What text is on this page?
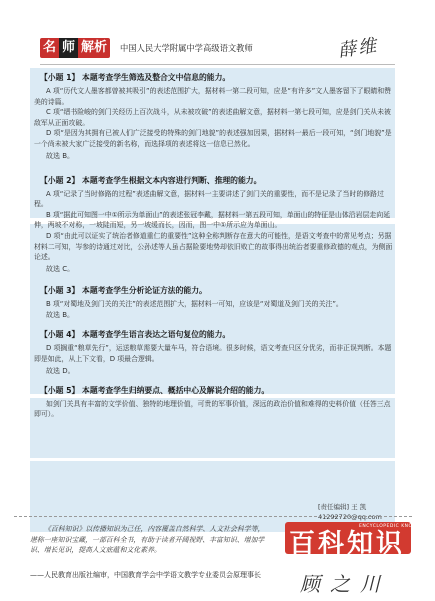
名 师 解析	中国人民大学附属中学高级语文教师	薛维
【小题 1】 本题考查学生筛选及整合文中信息的能力。

A 项“历代文人墨客都曾被其吸引”的表述范围扩大，据材料一第二段可知，应是“有许多”文人墨客留下了眼睛和赞美的诗篇。

C 项“缙书险峻的剑门关经历上百次战斗，从未被攻破”的表述曲解文意，据材料一第七段可知，应是剑门关从未被敌军从正面攻破。

D 项“是因为其拥有已被人们广泛接受的特殊的剑门地貌”的表述强加因果，据材料一最后一段可知，“剑门地貌”是一个尚未被大家广泛接受的新名称，而选择项的表述将这一信息已然化。

故选 B。

【小题 2】 本题考查学生根据文本内容进行判断、推理的能力。

A 项“记录了当时修路的过程”表述曲解文意，据材料一主要讲述了剑门关的重要性，而不是记录了当时的修路过程。

B 项“据此可知图一中①所示为单面山”的表述张冠李戴，据材料一第五段可知，单面山的特征是山体沿岩层走向延伸，两坡不对称，一坡陡而短，另一坡缓而长，因而，图一中①所示应为单面山。

D 项“由此可以证实了统治者修道重仁的重要性”这种全称判断存在意大的可能性，是语文考查中的常见考点；另据材料二可知，岑参的诗通过对比，公孙述等人虽占据险要地势却依旧败亡的故事得出统治者要重修政德的观点，为侧面论述。

故选 C。

【小题 3】 本题考查学生分析论证方法的能力。

B 项“对蜀地及剑门关的关注”的表述范围扩大，据材料一可知，应该是“对蜀道及剑门关的关注”。

故选 B。

【小题 4】 本题考查学生语言表达之语句复位的能力。

D 项搁重“粮草先行”，运送粮草需要大量车马，符合语境。很多时候，语文考查只区分优劣，而非正误判断。本题即是如此，从上下文看，D 项最合逻辑。

故选 D。

【小题 5】 本题考查学生归纳要点、概括中心及解说介绍的能力。

如剑门关具有丰富的文学价值、独特的地理价值，可贵的军事价值，深远的政治价值和难得的史料价值（任答三点即可）。

[责任编辑] 王 凯
41292720@qq.com

《百科知识》以传播知识为己任，内容覆盖自然科学、人文社会科学等，堪称一座知识宝藏，一部百科全书，有助于读者开阔视野、丰富知识、增加学识、增长见识，提高人文底蕴和文化素养。

——人民教育出版社编审，中国教育学会中学语文教学专业委员会原理事长
百科知识
ENCYCLOPEDIC KNOWLEDGE
顾之川
